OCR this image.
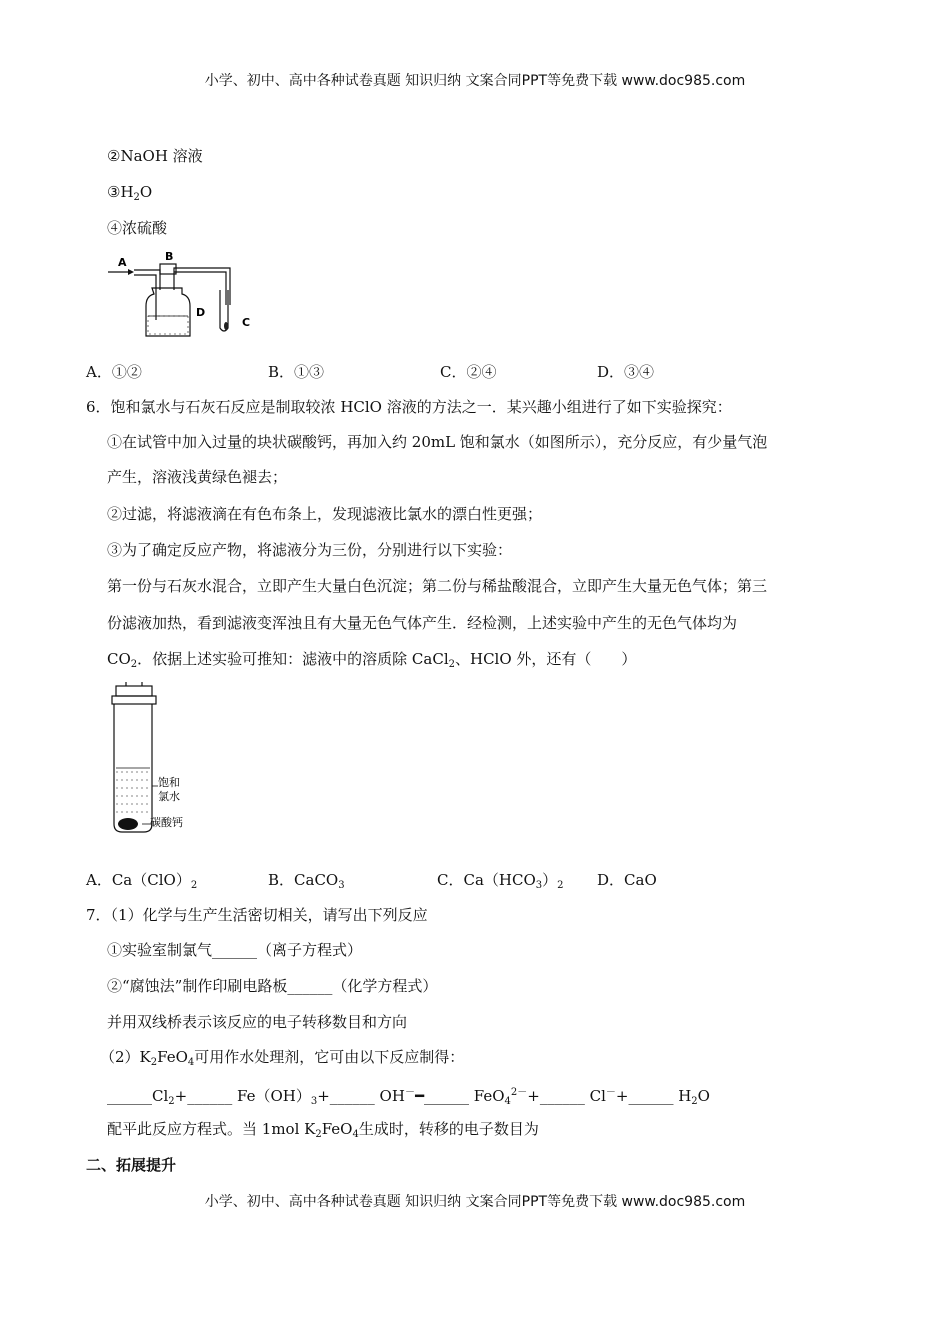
小学、初中、高中各种试卷真题 知识归纳 文案合同PPT等免费下载 www.doc985.com
②NaOH 溶液
$③H_2O$
④浓硫酸
A	B
D
C
A．①②	B．①③	C．②④	D．③④
6．饱和氯水与石灰石反应是制取较浓 HClO 溶液的方法之一．某兴趣小组进行了如下实验探究：
①在试管中加入过量的块状碳酸钙，再加入约 20mL 饱和氯水（如图所示），充分反应，有少量气泡
产生，溶液浅黄绿色褪去；
②过滤，将滤液滴在有色布条上，发现滤液比氯水的漂白性更强；
③为了确定反应产物，将滤液分为三份，分别进行以下实验：
第一份与石灰水混合，立即产生大量白色沉淀；第二份与稀盐酸混合，立即产生大量无色气体；第三
份滤液加热，看到滤液变浑浊且有大量无色气体产生．经检测，上述实验中产生的无色气体均为
$CO_2$．依据上述实验可推知：滤液中的溶质除 CaCl$_2$、HClO 外，还有（　　）
饱和
氯水
碳酸钙
A．$Ca(ClO)_2$	B．CaCO$_3$	C．$Ca(HCO_3)_2$ D．CaO
7．（1）化学与生产生活密切相关，请写出下列反应
①实验室制氯气______（离子方程式）
②“腐蚀法”制作印刷电路板______（化学方程式）
并用双线桥表示该反应的电子转移数目和方向
$(2)K_2FeO_4$可用作水处理剂，它可由以下反应制得：
$\_\_\_\_\_\_Cl_2+\_\_\_\_\_\_$ $Fe(OH)_3+\_\_\_\_\_\_$ OH－━______ FeO$_4^{2-}$+______ Cl－+______ $H_2O$
配平此反应方程式。当 1mol $K_2FeO_4$生成时，转移的电子数目为
二、拓展提升
小学、初中、高中各种试卷真题 知识归纳 文案合同PPT等免费下载 www.doc985.com
